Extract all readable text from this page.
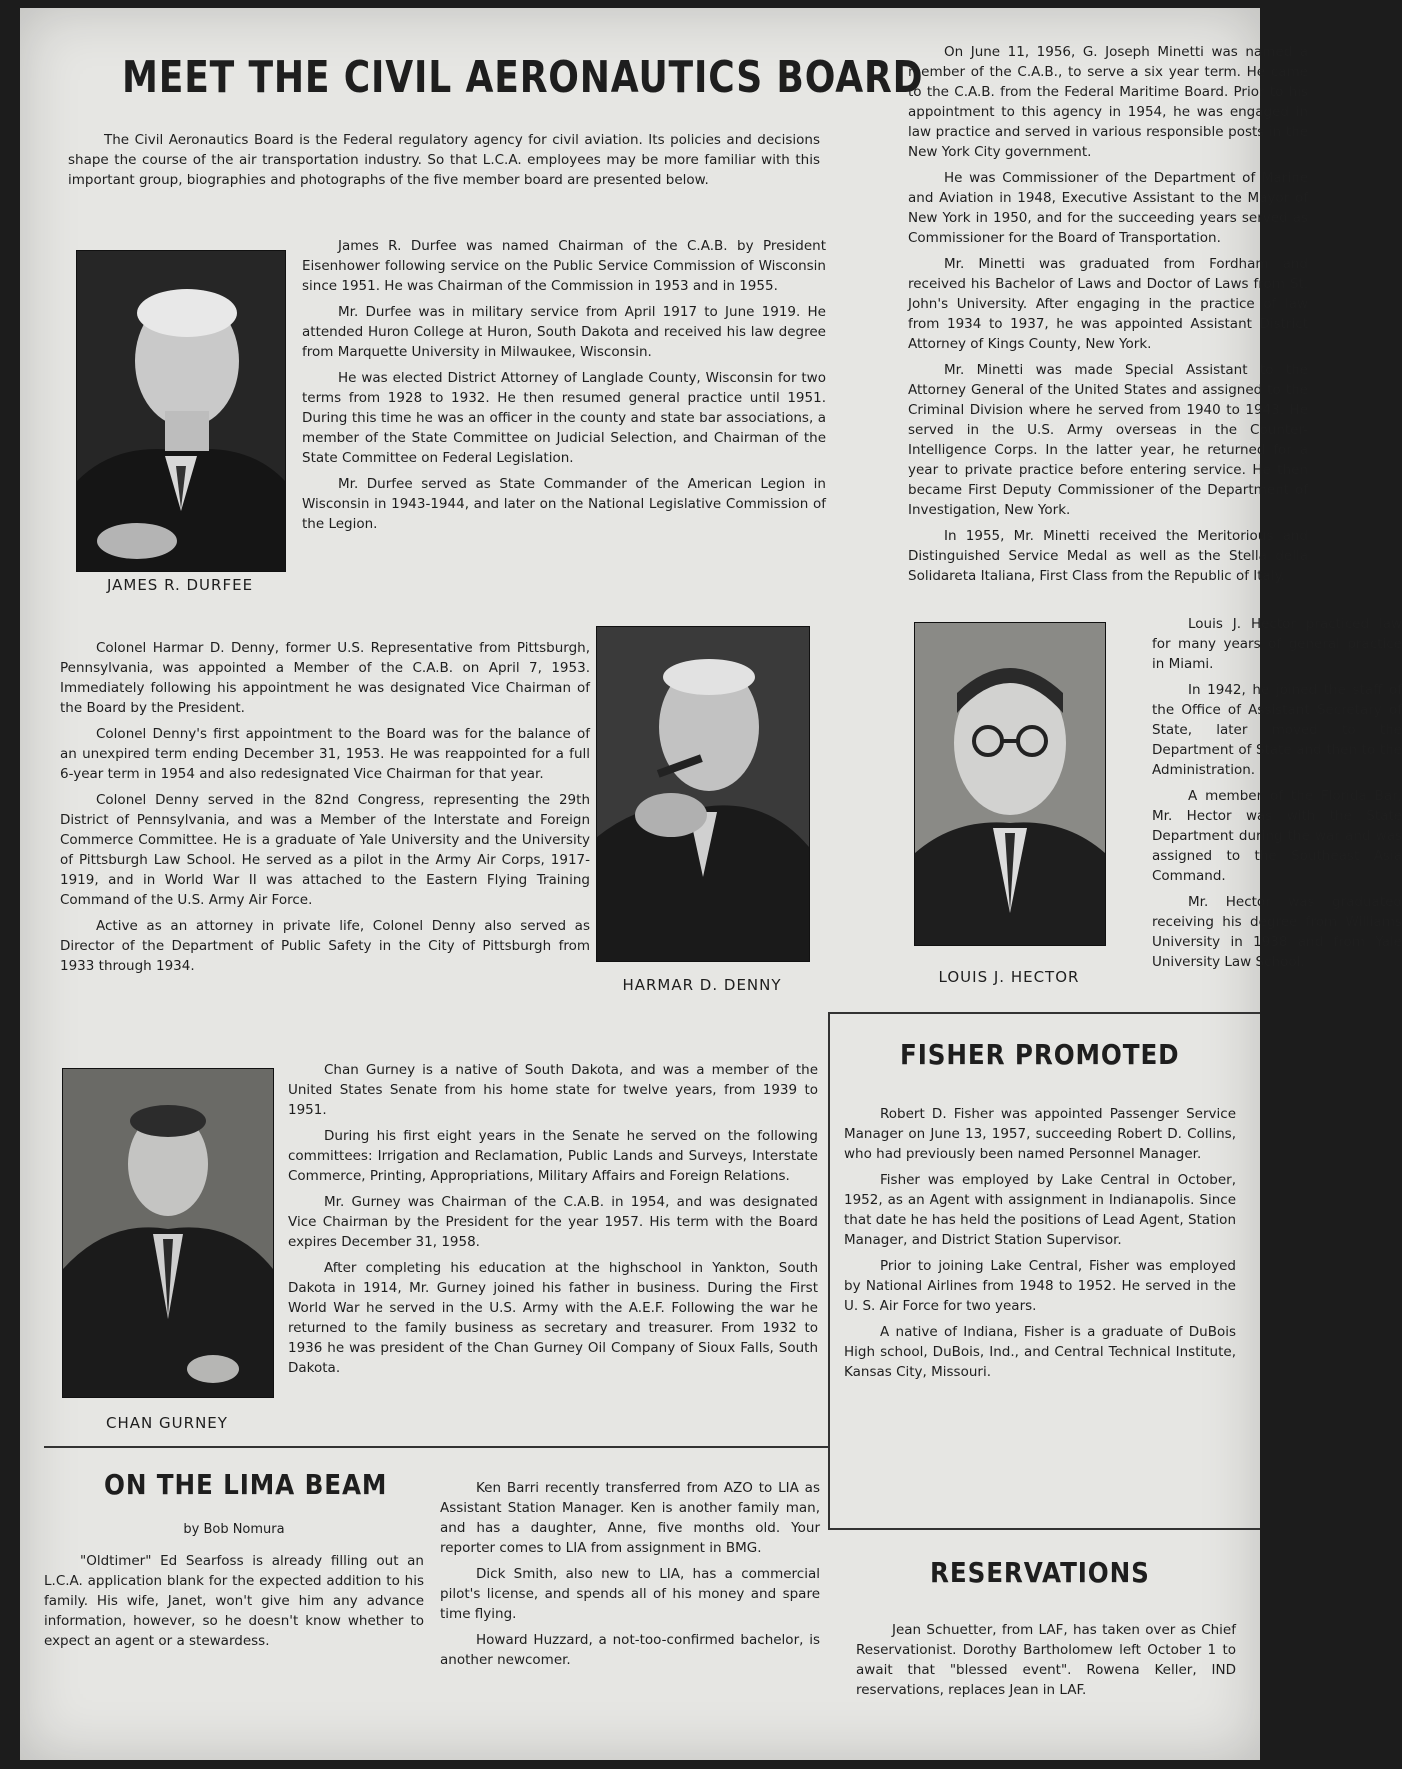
MEET THE CIVIL AERONAUTICS BOARD

The Civil Aeronautics Board is the Federal regulatory agency for civil aviation. Its policies and decisions shape the course of the air transportation industry. So that L.C.A. employees may be more familiar with this important group, biographies and photographs of the five member board are presented below.

JAMES R. DURFEE

James R. Durfee was named Chairman of the C.A.B. by President Eisenhower following service on the Public Service Commission of Wisconsin since 1951. He was Chairman of the Commission in 1953 and in 1955.

Mr. Durfee was in military service from April 1917 to June 1919. He attended Huron College at Huron, South Dakota and received his law degree from Marquette University in Milwaukee, Wisconsin.

He was elected District Attorney of Langlade County, Wisconsin for two terms from 1928 to 1932. He then resumed general practice until 1951. During this time he was an officer in the county and state bar associations, a member of the State Committee on Judicial Selection, and Chairman of the State Committee on Federal Legislation.

Mr. Durfee served as State Commander of the American Legion in Wisconsin in 1943-1944, and later on the National Legislative Commission of the Legion.

On June 11, 1956, G. Joseph Minetti was named a member of the C.A.B., to serve a six year term. He came to the C.A.B. from the Federal Maritime Board. Prior to his appointment to this agency in 1954, he was engaged in law practice and served in various responsible posts in the New York City government.

He was Commissioner of the Department of Marine and Aviation in 1948, Executive Assistant to the Mayor of New York in 1950, and for the succeeding years served as Commissioner for the Board of Transportation.

Mr. Minetti was graduated from Fordham and received his Bachelor of Laws and Doctor of Laws from St. John's University. After engaging in the practice of law from 1934 to 1937, he was appointed Assistant District Attorney of Kings County, New York.

Mr. Minetti was made Special Assistant to the Attorney General of the United States and assigned to the Criminal Division where he served from 1940 to 1943. He served in the U.S. Army overseas in the Counter-Intelligence Corps. In the latter year, he returned for a year to private practice before entering service. He then became First Deputy Commissioner of the Department of Investigation, New York.

In 1955, Mr. Minetti received the Meritorious and Distinguished Service Medal as well as the Stella della Solidareta Italiana, First Class from the Republic of Italy.

Colonel Harmar D. Denny, former U.S. Representative from Pittsburgh, Pennsylvania, was appointed a Member of the C.A.B. on April 7, 1953. Immediately following his appointment he was designated Vice Chairman of the Board by the President.

Colonel Denny's first appointment to the Board was for the balance of an unexpired term ending December 31, 1953. He was reappointed for a full 6-year term in 1954 and also redesignated Vice Chairman for that year.

Colonel Denny served in the 82nd Congress, representing the 29th District of Pennsylvania, and was a Member of the Interstate and Foreign Commerce Committee. He is a graduate of Yale University and the University of Pittsburgh Law School. He served as a pilot in the Army Air Corps, 1917-1919, and in World War II was attached to the Eastern Flying Training Command of the U.S. Army Air Force.

Active as an attorney in private life, Colonel Denny also served as Director of the Department of Public Safety in the City of Pittsburgh from 1933 through 1934.

HARMAR D. DENNY	LOUIS J. HECTOR

Louis J. Hector practiced law for many years of general practice in Miami.

In 1942, he joined the staff of the Office of Assistant Secretary of State, later moved to the Department of State and then to the Administration.

A member of the Florida Bar, Mr. Hector was with the State Department during the war and was assigned to the Southeast Asia Command.

Mr. Hector was graduated receiving his degree from Williams University in 1938 and from Yale University Law School.

FISHER PROMOTED

Robert D. Fisher was appointed Passenger Service Manager on June 13, 1957, succeeding Robert D. Collins, who had previously been named Personnel Manager.

Fisher was employed by Lake Central in October, 1952, as an Agent with assignment in Indianapolis. Since that date he has held the positions of Lead Agent, Station Manager, and District Station Supervisor.

Prior to joining Lake Central, Fisher was employed by National Airlines from 1948 to 1952. He served in the U. S. Air Force for two years.

A native of Indiana, Fisher is a graduate of DuBois High school, DuBois, Ind., and Central Technical Institute, Kansas City, Missouri.

CHAN GURNEY

Chan Gurney is a native of South Dakota, and was a member of the United States Senate from his home state for twelve years, from 1939 to 1951.

During his first eight years in the Senate he served on the following committees: Irrigation and Reclamation, Public Lands and Surveys, Interstate Commerce, Printing, Appropriations, Military Affairs and Foreign Relations.

Mr. Gurney was Chairman of the C.A.B. in 1954, and was designated Vice Chairman by the President for the year 1957. His term with the Board expires December 31, 1958.

After completing his education at the highschool in Yankton, South Dakota in 1914, Mr. Gurney joined his father in business. During the First World War he served in the U.S. Army with the A.E.F. Following the war he returned to the family business as secretary and treasurer. From 1932 to 1936 he was president of the Chan Gurney Oil Company of Sioux Falls, South Dakota.

ON THE LIMA BEAM

by Bob Nomura

"Oldtimer" Ed Searfoss is already filling out an L.C.A. application blank for the expected addition to his family. His wife, Janet, won't give him any advance information, however, so he doesn't know whether to expect an agent or a stewardess.

Ken Barri recently transferred from AZO to LIA as Assistant Station Manager. Ken is another family man, and has a daughter, Anne, five months old. Your reporter comes to LIA from assignment in BMG.

Dick Smith, also new to LIA, has a commercial pilot's license, and spends all of his money and spare time flying.

Howard Huzzard, a not-too-confirmed bachelor, is another newcomer.

RESERVATIONS

Jean Schuetter, from LAF, has taken over as Chief Reservationist. Dorothy Bartholomew left October 1 to await that "blessed event". Rowena Keller, IND reservations, replaces Jean in LAF.
